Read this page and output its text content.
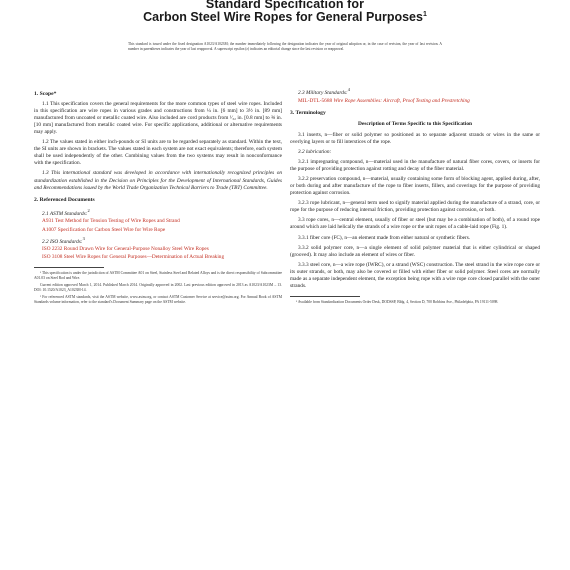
Standard Specification for
Carbon Steel Wire Ropes for General Purposes$^1$
This standard is issued under the fixed designation A1023/A1023M; the number immediately following the designation indicates the year of original adoption or, in the case of revision, the year of last revision. A number in parentheses indicates the year of last reapproval. A superscript epsilon (ε) indicates an editorial change since the last revision or reapproval.
1. Scope*
1.1 This specification covers the general requirements for the more common types of steel wire ropes. Included in this specification are wire ropes in various grades and constructions from ¼ in. [6 mm] to 3½ in. [89 mm] manufactured from uncoated or metallic coated wire. Also included are cord products from ¹⁄₃₂ in. [0.8 mm] to ⅜ in. [10 mm] manufactured from metallic coated wire. For specific applications, additional or alternative requirements may apply.
1.2 The values stated in either inch-pounds or SI units are to be regarded separately as standard. Within the text, the SI units are shown in brackets. The values stated in each system are not exact equivalents; therefore, each system shall be used independently of the other. Combining values from the two systems may result in nonconformance with the specification.
1.3 This international standard was developed in accordance with internationally recognized principles on standardization established in the Decision on Principles for the Development of International Standards, Guides and Recommendations issued by the World Trade Organization Technical Barriers to Trade (TBT) Committee.
2. Referenced Documents
2.1 ASTM Standards:$^2$
A931 Test Method for Tension Testing of Wire Ropes and Strand
A1007 Specification for Carbon Steel Wire for Wire Rope
2.2 ISO Standards:$^3$
ISO 2232 Round Drawn Wire for General-Purpose Nonalloy Steel Wire Ropes
ISO 3108 Steel Wire Ropes for General Purposes—Determination of Actual Breaking
¹ This specification is under the jurisdiction of ASTM Committee A01 on Steel, Stainless Steel and Related Alloys and is the direct responsibility of Subcommittee A01.03 on Steel Rod and Wire.
Current edition approved March 1, 2014. Published March 2014. Originally approved in 2002. Last previous edition approved in 2013 as A1023/A1023M – 13. DOI: 10.1520/A1023_A1023M-14.
² For referenced ASTM standards, visit the ASTM website, www.astm.org, or contact ASTM Customer Service at service@astm.org. For Annual Book of ASTM Standards volume information, refer to the standard's Document Summary page on the ASTM website.
2.3 Military Standards:$^4$
MIL-DTL-5688 Wire Rope Assemblies: Aircraft, Proof Testing and Prestretching
3. Terminology
Description of Terms Specific to this Specification
3.1 inserts, n—fiber or solid polymer so positioned as to separate adjacent strands or wires in the same or overlying layers or to fill interstices of the rope.
3.2 lubrication:
3.2.1 impregnating compound, n—material used in the manufacture of natural fiber cores, covers, or inserts for the purpose of providing protection against rotting and decay of the fiber material.
3.2.2 preservation compound, n—material, usually containing some form of blocking agent, applied during, after, or both during and after manufacture of the rope to fiber inserts, fillers, and coverings for the purpose of providing protection against corrosion.
3.2.3 rope lubricant, n—general term used to signify material applied during the manufacture of a strand, core, or rope for the purpose of reducing internal friction, providing protection against corrosion, or both.
3.3 rope cores, n—central element, usually of fiber or steel (but may be a combination of both), of a round rope around which are laid helically the strands of a wire rope or the unit ropes of a cable-laid rope (Fig. 1).
3.3.1 fiber core (FC), n—an element made from either natural or synthetic fibers.
3.3.2 solid polymer core, n—a single element of solid polymer material that is either cylindrical or shaped (grooved). It may also include an element of wires or fiber.
3.3.3 steel core, n—a wire rope (IWRC), or a strand (WSC) construction. The steel strand in the wire rope core or its outer strands, or both, may also be covered or filled with either fiber or solid polymer. Steel cores are normally made as a separate independent element, the exception being rope with a wire rope core closed parallel with the outer strands.
³ Available from Standardization Documents Order Desk, DODSSP, Bldg. 4, Section D, 700 Robbins Ave., Philadelphia, PA 19111-5098.
